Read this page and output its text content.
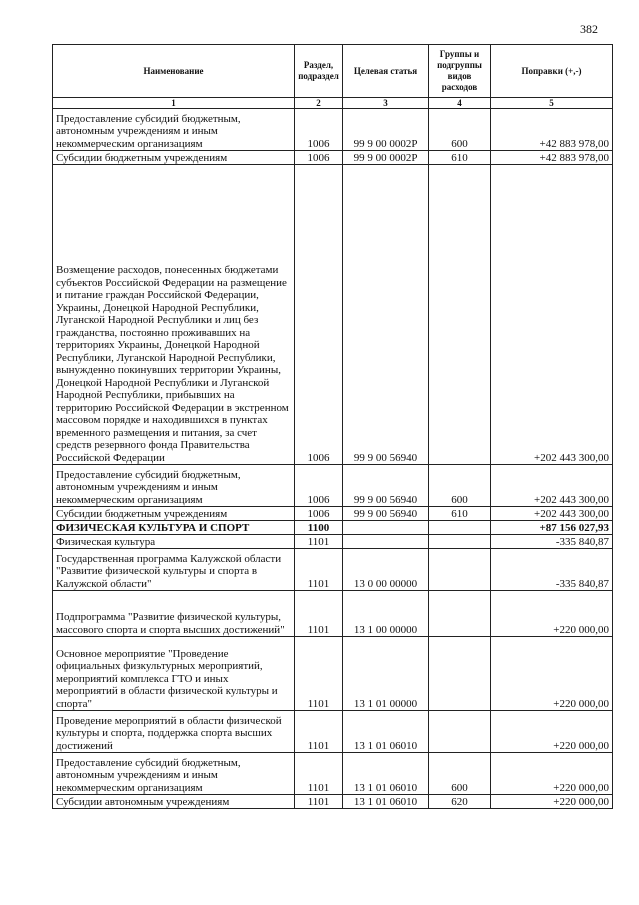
382
Наименование	Раздел, подраздел	Целевая статья	Группы и подгруппы видов расходов	Поправки (+,-)
1	2	3	4	5
Предоставление субсидий бюджетным, автономным учреждениям и иным некоммерческим организациям	1006	99 9 00 0002Р	600	+42 883 978,00
Субсидии бюджетным учреждениям	1006	99 9 00 0002Р	610	+42 883 978,00
Возмещение расходов, понесенных бюджетами субъектов Российской Федерации на размещение и питание граждан Российской Федерации, Украины, Донецкой Народной Республики, Луганской Народной Республики и лиц без гражданства, постоянно проживавших на территориях Украины, Донецкой Народной Республики, Луганской Народной Республики, вынужденно покинувших территории Украины, Донецкой Народной Республики и Луганской Народной Республики, прибывших на территорию Российской Федерации в экстренном массовом порядке и находившихся в пунктах временного размещения и питания, за счет средств резервного фонда Правительства Российской Федерации	1006	99 9 00 56940		+202 443 300,00
Предоставление субсидий бюджетным, автономным учреждениям и иным некоммерческим организациям	1006	99 9 00 56940	600	+202 443 300,00
Субсидии бюджетным учреждениям	1006	99 9 00 56940	610	+202 443 300,00
ФИЗИЧЕСКАЯ КУЛЬТУРА И СПОРТ	1100			+87 156 027,93
Физическая культура	1101			-335 840,87
Государственная программа Калужской области "Развитие физической культуры и спорта в Калужской области"	1101	13 0 00 00000		-335 840,87
Подпрограмма "Развитие физической культуры, массового спорта и спорта высших достижений"	1101	13 1 00 00000		+220 000,00
Основное мероприятие "Проведение официальных физкультурных мероприятий, мероприятий комплекса ГТО и иных мероприятий в области физической культуры и спорта"	1101	13 1 01 00000		+220 000,00
Проведение мероприятий в области физической культуры и спорта, поддержка спорта высших достижений	1101	13 1 01 06010		+220 000,00
Предоставление субсидий бюджетным, автономным учреждениям и иным некоммерческим организациям	1101	13 1 01 06010	600	+220 000,00
Субсидии автономным учреждениям	1101	13 1 01 06010	620	+220 000,00
